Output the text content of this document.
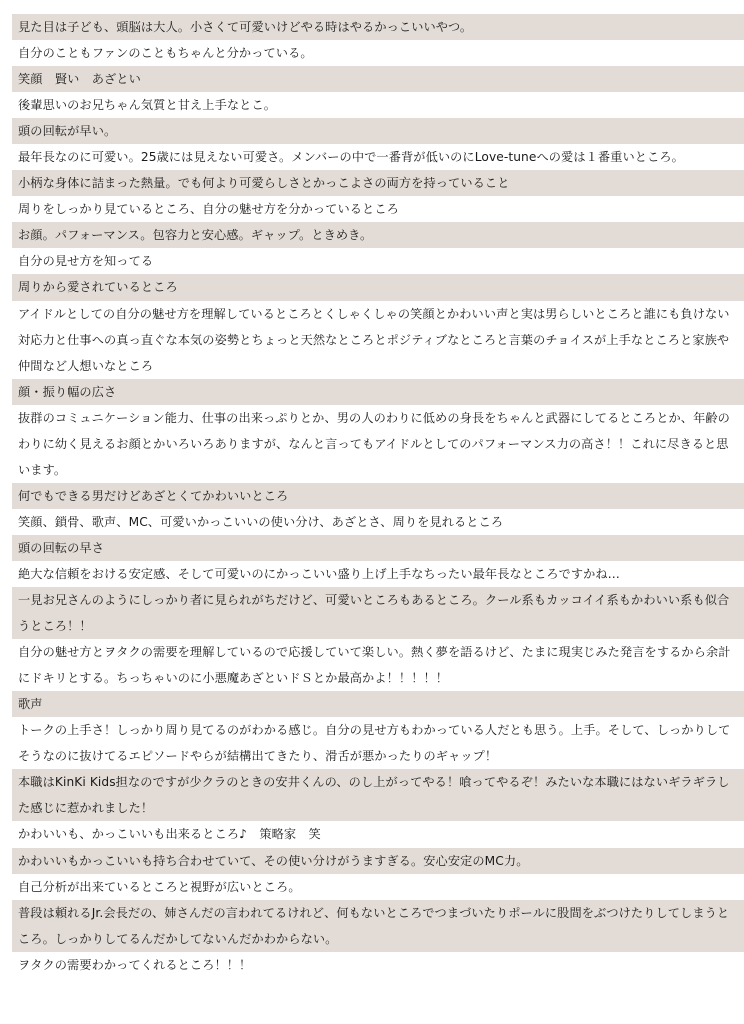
見た目は子ども、頭脳は大人。小さくて可愛いけどやる時はやるかっこいいやつ。
自分のこともファンのこともちゃんと分かっている。
笑顔　賢い　あざとい
後輩思いのお兄ちゃん気質と甘え上手なとこ。
頭の回転が早い。
最年長なのに可愛い。25歳には見えない可愛さ。メンバーの中で一番背が低いのにLove-tuneへの愛は１番重いところ。
小柄な身体に詰まった熱量。でも何より可愛らしさとかっこよさの両方を持っていること
周りをしっかり見ているところ、自分の魅せ方を分かっているところ
お顔。パフォーマンス。包容力と安心感。ギャップ。ときめき。
自分の見せ方を知ってる
周りから愛されているところ
アイドルとしての自分の魅せ方を理解しているところとくしゃくしゃの笑顔とかわいい声と実は男らしいところと誰にも負けない対応力と仕事への真っ直ぐな本気の姿勢とちょっと天然なところとポジティブなところと言葉のチョイスが上手なところと家族や仲間など人想いなところ
顔・振り幅の広さ
抜群のコミュニケーション能力、仕事の出来っぷりとか、男の人のわりに低めの身長をちゃんと武器にしてるところとか、年齢のわりに幼く見えるお顔とかいろいろありますが、なんと言ってもアイドルとしてのパフォーマンス力の高さ！！これに尽きると思います。
何でもできる男だけどあざとくてかわいいところ
笑顔、鎖骨、歌声、MC、可愛いかっこいいの使い分け、あざとさ、周りを見れるところ
頭の回転の早さ
絶大な信頼をおける安定感、そして可愛いのにかっこいい盛り上げ上手なちったい最年長なところですかね…
一見お兄さんのようにしっかり者に見られがちだけど、可愛いところもあるところ。クール系もカッコイイ系もかわいい系も似合うところ！！
自分の魅せ方とヲタクの需要を理解しているので応援していて楽しい。熱く夢を語るけど、たまに現実じみた発言をするから余計にドキリとする。ちっちゃいのに小悪魔あざといドＳとか最高かよ！！！！！
歌声
トークの上手さ！しっかり周り見てるのがわかる感じ。自分の見せ方もわかっている人だとも思う。上手。そして、しっかりしてそうなのに抜けてるエピソードやらが結構出てきたり、滑舌が悪かったりのギャップ！
本職はKinKi Kids担なのですが少クラのときの安井くんの、のし上がってやる！喰ってやるぞ！みたいな本職にはないギラギラした感じに惹かれました！
かわいいも、かっこいいも出来るところ♪　策略家　笑
かわいいもかっこいいも持ち合わせていて、その使い分けがうますぎる。安心安定のMC力。
自己分析が出来ているところと視野が広いところ。
普段は頼れるJr.会長だの、姉さんだの言われてるけれど、何もないところでつまづいたりポールに股間をぶつけたりしてしまうところ。しっかりしてるんだかしてないんだかわからない。
ヲタクの需要わかってくれるところ！！！
